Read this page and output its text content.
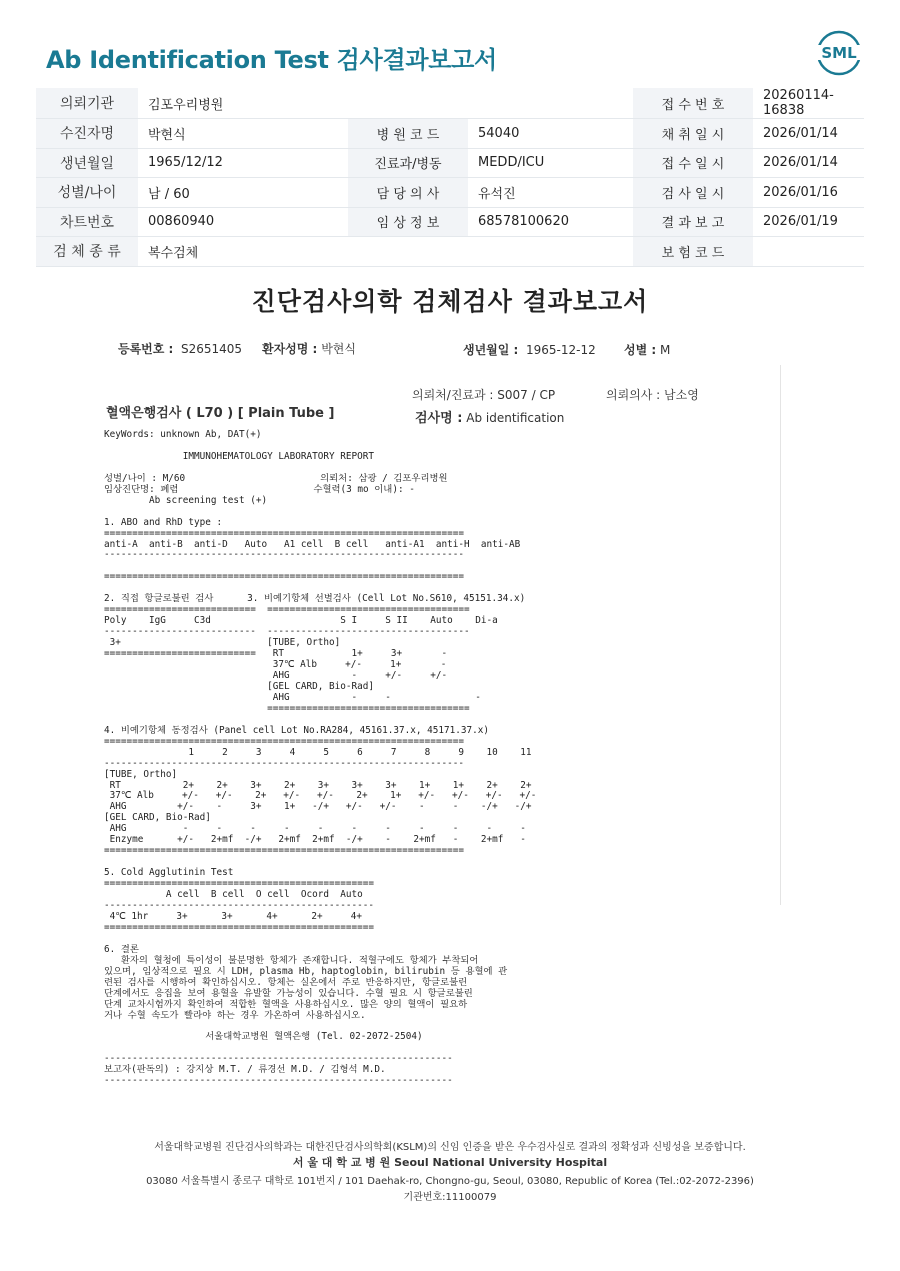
Ab Identification Test 검사결과보고서	SML
의뢰기관	김포우리병원			접 수 번 호	20260114-16838
수진자명	박현식	병 원 코 드	54040	채 취 일 시	2026/01/14
생년월일	1965/12/12	진료과/병동	MEDD/ICU	접 수 일 시	2026/01/14
성별/나이	남 / 60	담 당 의 사	유석진	검 사 일 시	2026/01/16
차트번호	00860940	임 상 정 보	68578100620	결 과 보 고	2026/01/19
검 체 종 류	복수검체			보 험 코 드	
진단검사의학 검체검사 결과보고서
등록번호 : S2651405 환자성명 : 박현식	생년월일 : 1965-12-12 성별 : M
의뢰처/진료과 : S007 / CP	의뢰의사 : 남소영
혈액은행검사 ( L70 ) [ Plain Tube ]	검사명 : Ab identification
KeyWords: unknown Ab, DAT(+)

IMMUNOHEMATOLOGY LABORATORY REPORT

성별/나이 : M/60                        의뢰처: 삼광 / 김포우리병원
임상진단명: 폐렴                        수혈력(3 mo 이내): -
Ab screening test (+)

1. ABO and RhD type :
================================================================
anti-A  anti-B  anti-D   Auto   A1 cell  B cell   anti-A1  anti-H  anti-AB
----------------------------------------------------------------

================================================================

2. 직접 항글로불린 검사      3. 비예기항체 선별검사 (Cell Lot No.S610, 45151.34.x)
===========================  ====================================
Poly    IgG     C3d                       S I     S II    Auto    Di-a
---------------------------  ------------------------------------
3+                          [TUBE, Ortho]
===========================   RT            1+     3+       -
37℃ Alb     +/-     1+       -
AHG           -     +/-     +/-
[GEL CARD, Bio-Rad]
AHG           -     -               -
====================================

4. 비예기항체 동정검사 (Panel cell Lot No.RA284, 45161.37.x, 45171.37.x)
================================================================
1     2     3     4     5     6     7     8     9    10    11
----------------------------------------------------------------
[TUBE, Ortho]
RT           2+    2+    3+    2+    3+    3+    3+    1+    1+    2+    2+
37℃ Alb     +/-   +/-    2+   +/-   +/-    2+    1+   +/-   +/-   +/-   +/-
AHG         +/-    -     3+    1+   -/+   +/-   +/-    -     -    -/+   -/+
[GEL CARD, Bio-Rad]
AHG          -     -     -     -     -     -     -     -     -     -     -
Enzyme      +/-   2+mf  -/+   2+mf  2+mf  -/+    -    2+mf   -    2+mf   -
================================================================

5. Cold Agglutinin Test
================================================
A cell  B cell  O cell  Ocord  Auto
------------------------------------------------
4℃ 1hr     3+      3+      4+      2+     4+
================================================

6. 결론
환자의 혈청에 특이성이 불분명한 항체가 존재합니다. 적혈구에도 항체가 부착되어
있으며, 임상적으로 필요 시 LDH, plasma Hb, haptoglobin, bilirubin 등 용혈에 관
련된 검사를 시행하여 확인하십시오. 항체는 실온에서 주로 반응하지만, 항글로불린
단계에서도 응집을 보여 용혈을 유발할 가능성이 있습니다. 수혈 필요 시 항글로불린
단계 교차시험까지 확인하여 적합한 혈액을 사용하십시오. 많은 양의 혈액이 필요하
거나 수혈 속도가 빨라야 하는 경우 가온하여 사용하십시오.

서울대학교병원 혈액은행 (Tel. 02-2072-2504)

--------------------------------------------------------------
보고자(판독의) : 강지상 M.T. / 류경선 M.D. / 김형석 M.D.
--------------------------------------------------------------
서울대학교병원 진단검사의학과는 대한진단검사의학회(KSLM)의 신임 인증을 받은 우수검사실로 결과의 정확성과 신빙성을 보증합니다.
서 울 대 학 교 병 원 Seoul National University Hospital
03080 서울특별시 종로구 대학로 101번지 / 101 Daehak-ro, Chongno-gu, Seoul, 03080, Republic of Korea (Tel.:02-2072-2396)
기관번호:11100079
